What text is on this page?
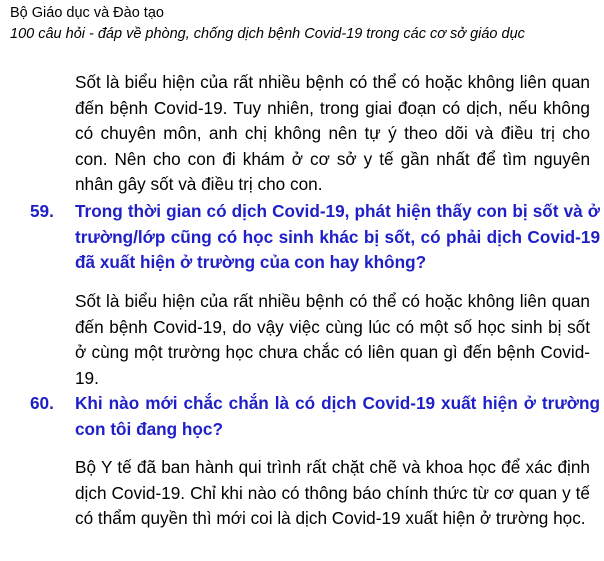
Bộ Giáo dục và Đào tạo
100 câu hỏi - đáp về phòng, chống dịch bệnh Covid-19 trong các cơ sở giáo dục
Sốt là biểu hiện của rất nhiều bệnh có thể có hoặc không liên quan đến bệnh Covid-19. Tuy nhiên, trong giai đoạn có dịch, nếu không có chuyên môn, anh chị không nên tự ý theo dõi và điều trị cho con. Nên cho con đi khám ở cơ sở y tế gần nhất để tìm nguyên nhân gây sốt và điều trị cho con.
59.	Trong thời gian có dịch Covid-19, phát hiện thấy con bị sốt và ở trường/lớp cũng có học sinh khác bị sốt, có phải dịch Covid-19 đã xuất hiện ở trường của con hay không?
Sốt là biểu hiện của rất nhiều bệnh có thể có hoặc không liên quan đến bệnh Covid-19, do vậy việc cùng lúc có một số học sinh bị sốt ở cùng một trường học chưa chắc có liên quan gì đến bệnh Covid-19.
60.	Khi nào mới chắc chắn là có dịch Covid-19 xuất hiện ở trường con tôi đang học?
Bộ Y tế đã ban hành qui trình rất chặt chẽ và khoa học để xác định dịch Covid-19. Chỉ khi nào có thông báo chính thức từ cơ quan y tế có thẩm quyền thì mới coi là dịch Covid-19 xuất hiện ở trường học.
